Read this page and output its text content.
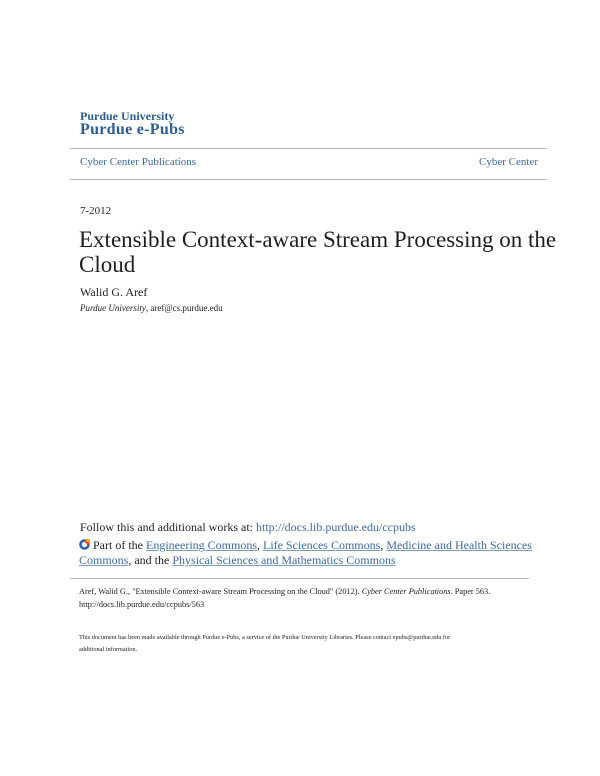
Purdue University
Purdue e-Pubs
Cyber Center Publications	Cyber Center
7-2012
Extensible Context-aware Stream Processing on the
Cloud
Walid G. Aref
Purdue University, aref@cs.purdue.edu
Follow this and additional works at: http://docs.lib.purdue.edu/ccpubs
Part of the Engineering Commons, Life Sciences Commons, Medicine and Health Sciences
Commons, and the Physical Sciences and Mathematics Commons
Aref, Walid G., "Extensible Context-aware Stream Processing on the Cloud" (2012). Cyber Center Publications. Paper 563.
http://docs.lib.purdue.edu/ccpubs/563
This document has been made available through Purdue e-Pubs, a service of the Purdue University Libraries. Please contact epubs@purdue.edu for
additional information.
